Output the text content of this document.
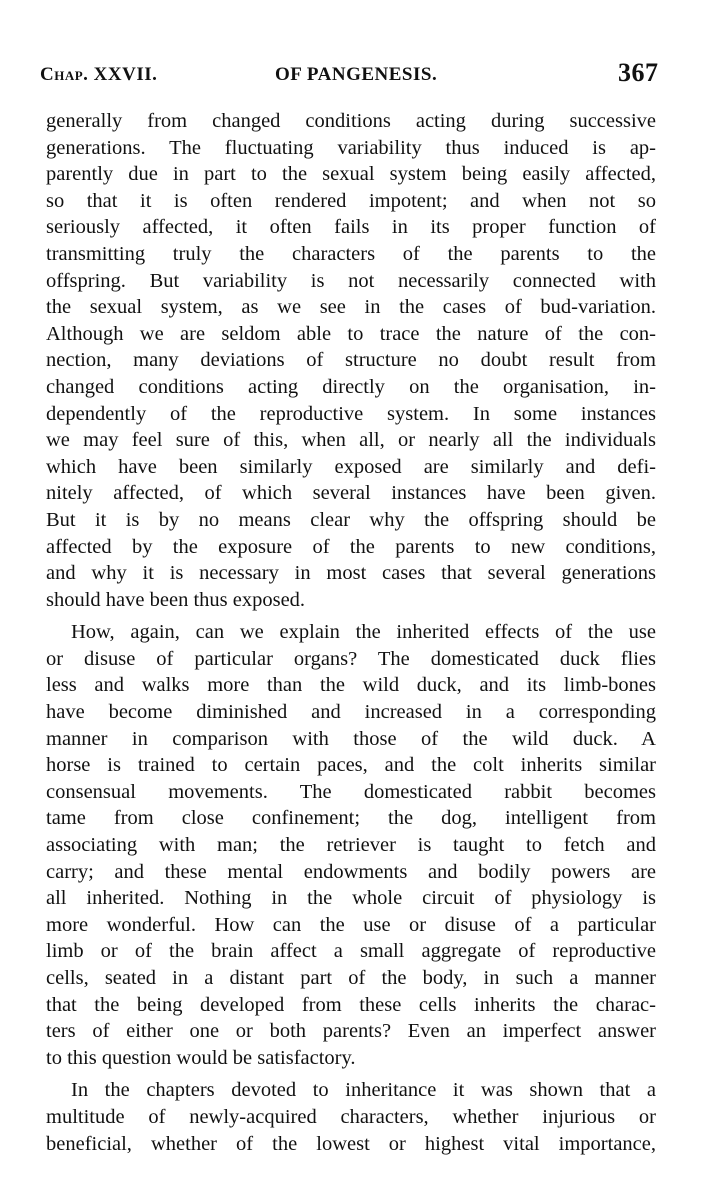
Chap. XXVII.	OF PANGENESIS.	367
generally from changed conditions acting during successive
generations. The fluctuating variability thus induced is ap-
parently due in part to the sexual system being easily affected,
so that it is often rendered impotent; and when not so
seriously affected, it often fails in its proper function of
transmitting truly the characters of the parents to the
offspring. But variability is not necessarily connected with
the sexual system, as we see in the cases of bud-variation.
Although we are seldom able to trace the nature of the con-
nection, many deviations of structure no doubt result from
changed conditions acting directly on the organisation, in-
dependently of the reproductive system. In some instances
we may feel sure of this, when all, or nearly all the individuals
which have been similarly exposed are similarly and defi-
nitely affected, of which several instances have been given.
But it is by no means clear why the offspring should be
affected by the exposure of the parents to new conditions,
and why it is necessary in most cases that several generations
should have been thus exposed.
How, again, can we explain the inherited effects of the use
or disuse of particular organs? The domesticated duck flies
less and walks more than the wild duck, and its limb-bones
have become diminished and increased in a corresponding
manner in comparison with those of the wild duck. A
horse is trained to certain paces, and the colt inherits similar
consensual movements. The domesticated rabbit becomes
tame from close confinement; the dog, intelligent from
associating with man; the retriever is taught to fetch and
carry; and these mental endowments and bodily powers are
all inherited. Nothing in the whole circuit of physiology is
more wonderful. How can the use or disuse of a particular
limb or of the brain affect a small aggregate of reproductive
cells, seated in a distant part of the body, in such a manner
that the being developed from these cells inherits the charac-
ters of either one or both parents? Even an imperfect answer
to this question would be satisfactory.
In the chapters devoted to inheritance it was shown that a
multitude of newly-acquired characters, whether injurious or
beneficial, whether of the lowest or highest vital importance,
